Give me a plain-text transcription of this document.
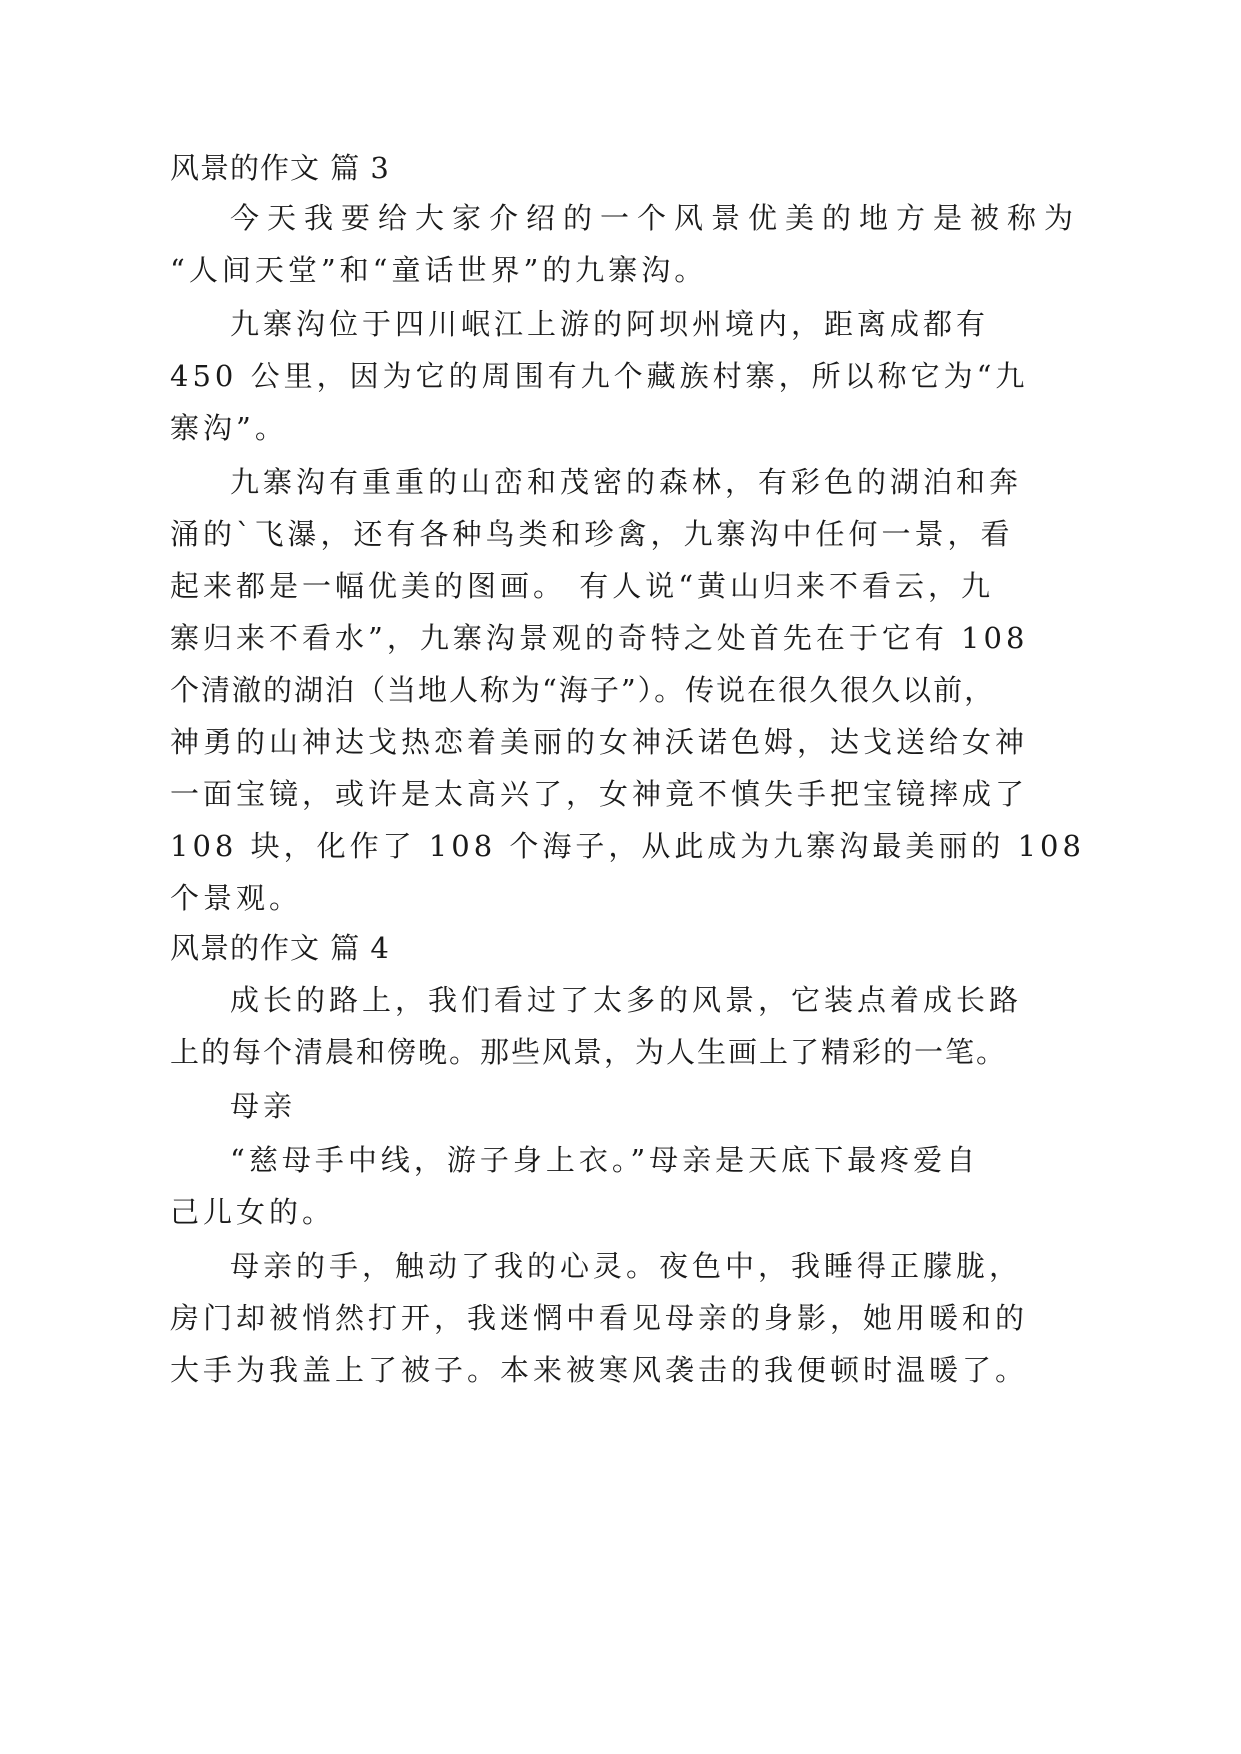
风景的作文 篇 3
今天我要给大家介绍的一个风景优美的地方是被称为
“人间天堂”和“童话世界”的九寨沟。
九寨沟位于四川岷江上游的阿坝州境内，距离成都有
450 公里，因为它的周围有九个藏族村寨，所以称它为“九
寨沟”。
九寨沟有重重的山峦和茂密的森林，有彩色的湖泊和奔
涌的`飞瀑，还有各种鸟类和珍禽，九寨沟中任何一景，看
起来都是一幅优美的图画。 有人说“黄山归来不看云，九
寨归来不看水”，九寨沟景观的奇特之处首先在于它有 108
个清澈的湖泊（当地人称为“海子”）。传说在很久很久以前，
神勇的山神达戈热恋着美丽的女神沃诺色姆，达戈送给女神
一面宝镜，或许是太高兴了，女神竟不慎失手把宝镜摔成了
108 块，化作了 108 个海子，从此成为九寨沟最美丽的 108
个景观。
风景的作文 篇 4
成长的路上，我们看过了太多的风景，它装点着成长路
上的每个清晨和傍晚。那些风景，为人生画上了精彩的一笔。
母亲
“慈母手中线，游子身上衣。”母亲是天底下最疼爱自
己儿女的。
母亲的手，触动了我的心灵。夜色中，我睡得正朦胧，
房门却被悄然打开，我迷惘中看见母亲的身影，她用暖和的
大手为我盖上了被子。本来被寒风袭击的我便顿时温暖了。
